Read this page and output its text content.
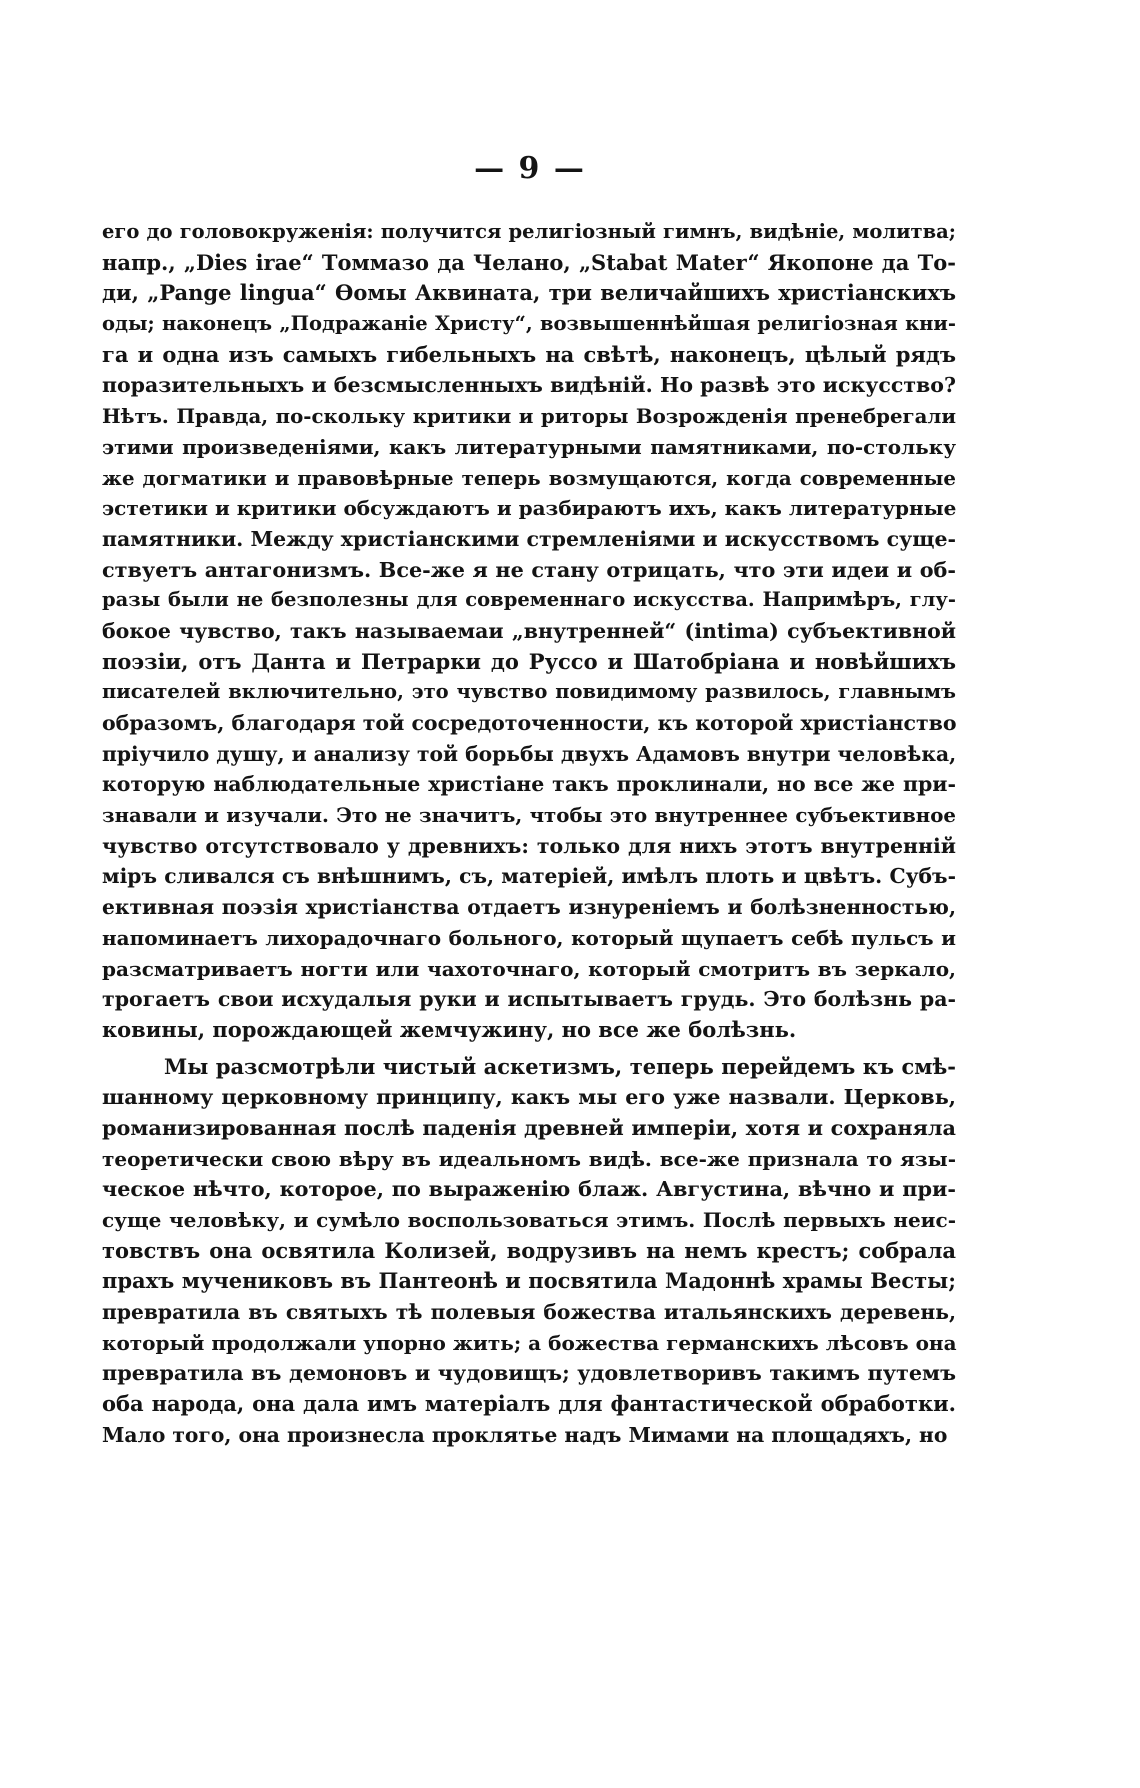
— 9 —
его до головокруженія: получится религіозный гимнъ, видѣніе, молитва;
напр., „Dies irae“ Томмазо да Челано, „Stabat Mater“ Якопоне да То-
ди, „Pange lingua“ Ѳомы Аквината, три величайшихъ христіанскихъ
оды; наконецъ „Подражаніе Христу“, возвышеннѣйшая религіозная кни-
га и одна изъ самыхъ гибельныхъ на свѣтѣ, наконецъ, цѣлый рядъ
поразительныхъ и безсмысленныхъ видѣній. Но развѣ это искусство?
Нѣтъ. Правда, по-скольку критики и риторы Возрожденія пренебрегали
этими произведеніями, какъ литературными памятниками, по-стольку
же догматики и правовѣрные теперь возмущаются, когда современные
эстетики и критики обсуждаютъ и разбираютъ ихъ, какъ литературные
памятники. Между христіанскими стремленіями и искусствомъ суще-
ствуетъ антагонизмъ. Все-же я не стану отрицать, что эти идеи и об-
разы были не безполезны для современнаго искусства. Напримѣръ, глу-
бокое чувство, такъ называемаи „внутренней“ (intima) субъективной
поэзіи, отъ Данта и Петрарки до Руссо и Шатобріана и новѣйшихъ
писателей включительно, это чувство повидимому развилось, главнымъ
образомъ, благодаря той сосредоточенности, къ которой христіанство
пріучило душу, и анализу той борьбы двухъ Адамовъ внутри человѣка,
которую наблюдательные христіане такъ проклинали, но все же при-
знавали и изучали. Это не значитъ, чтобы это внутреннее субъективное
чувство отсутствовало у древнихъ: только для нихъ этотъ внутренній
міръ сливался съ внѣшнимъ, съ, матеріей, имѣлъ плоть и цвѣтъ. Субъ-
ективная поэзія христіанства отдаетъ изнуреніемъ и болѣзненностью,
напоминаетъ лихорадочнаго больного, который щупаетъ себѣ пульсъ и
разсматриваетъ ногти или чахоточнаго, который смотритъ въ зеркало,
трогаетъ свои исхудалыя руки и испытываетъ грудь. Это болѣзнь ра-
ковины, порождающей жемчужину, но все же болѣзнь.
Мы разсмотрѣли чистый аскетизмъ, теперь перейдемъ къ смѣ-
шанному церковному принципу, какъ мы его уже назвали. Церковь,
романизированная послѣ паденія древней имперіи, хотя и сохраняла
теоретически свою вѣру въ идеальномъ видѣ. все-же признала то язы-
ческое нѣчто, которое, по выраженію блаж. Августина, вѣчно и при-
суще человѣку, и сумѣло воспользоваться этимъ. Послѣ первыхъ неис-
товствъ она освятила Колизей, водрузивъ на немъ крестъ; собрала
прахъ мучениковъ въ Пантеонѣ и посвятила Мадоннѣ храмы Весты;
превратила въ святыхъ тѣ полевыя божества итальянскихъ деревень,
который продолжали упорно жить; а божества германскихъ лѣсовъ она
превратила въ демоновъ и чудовищъ; удовлетворивъ такимъ путемъ
оба народа, она дала имъ матеріалъ для фантастической обработки.
Мало того, она произнесла проклятье надъ Мимами на площадяхъ, но
